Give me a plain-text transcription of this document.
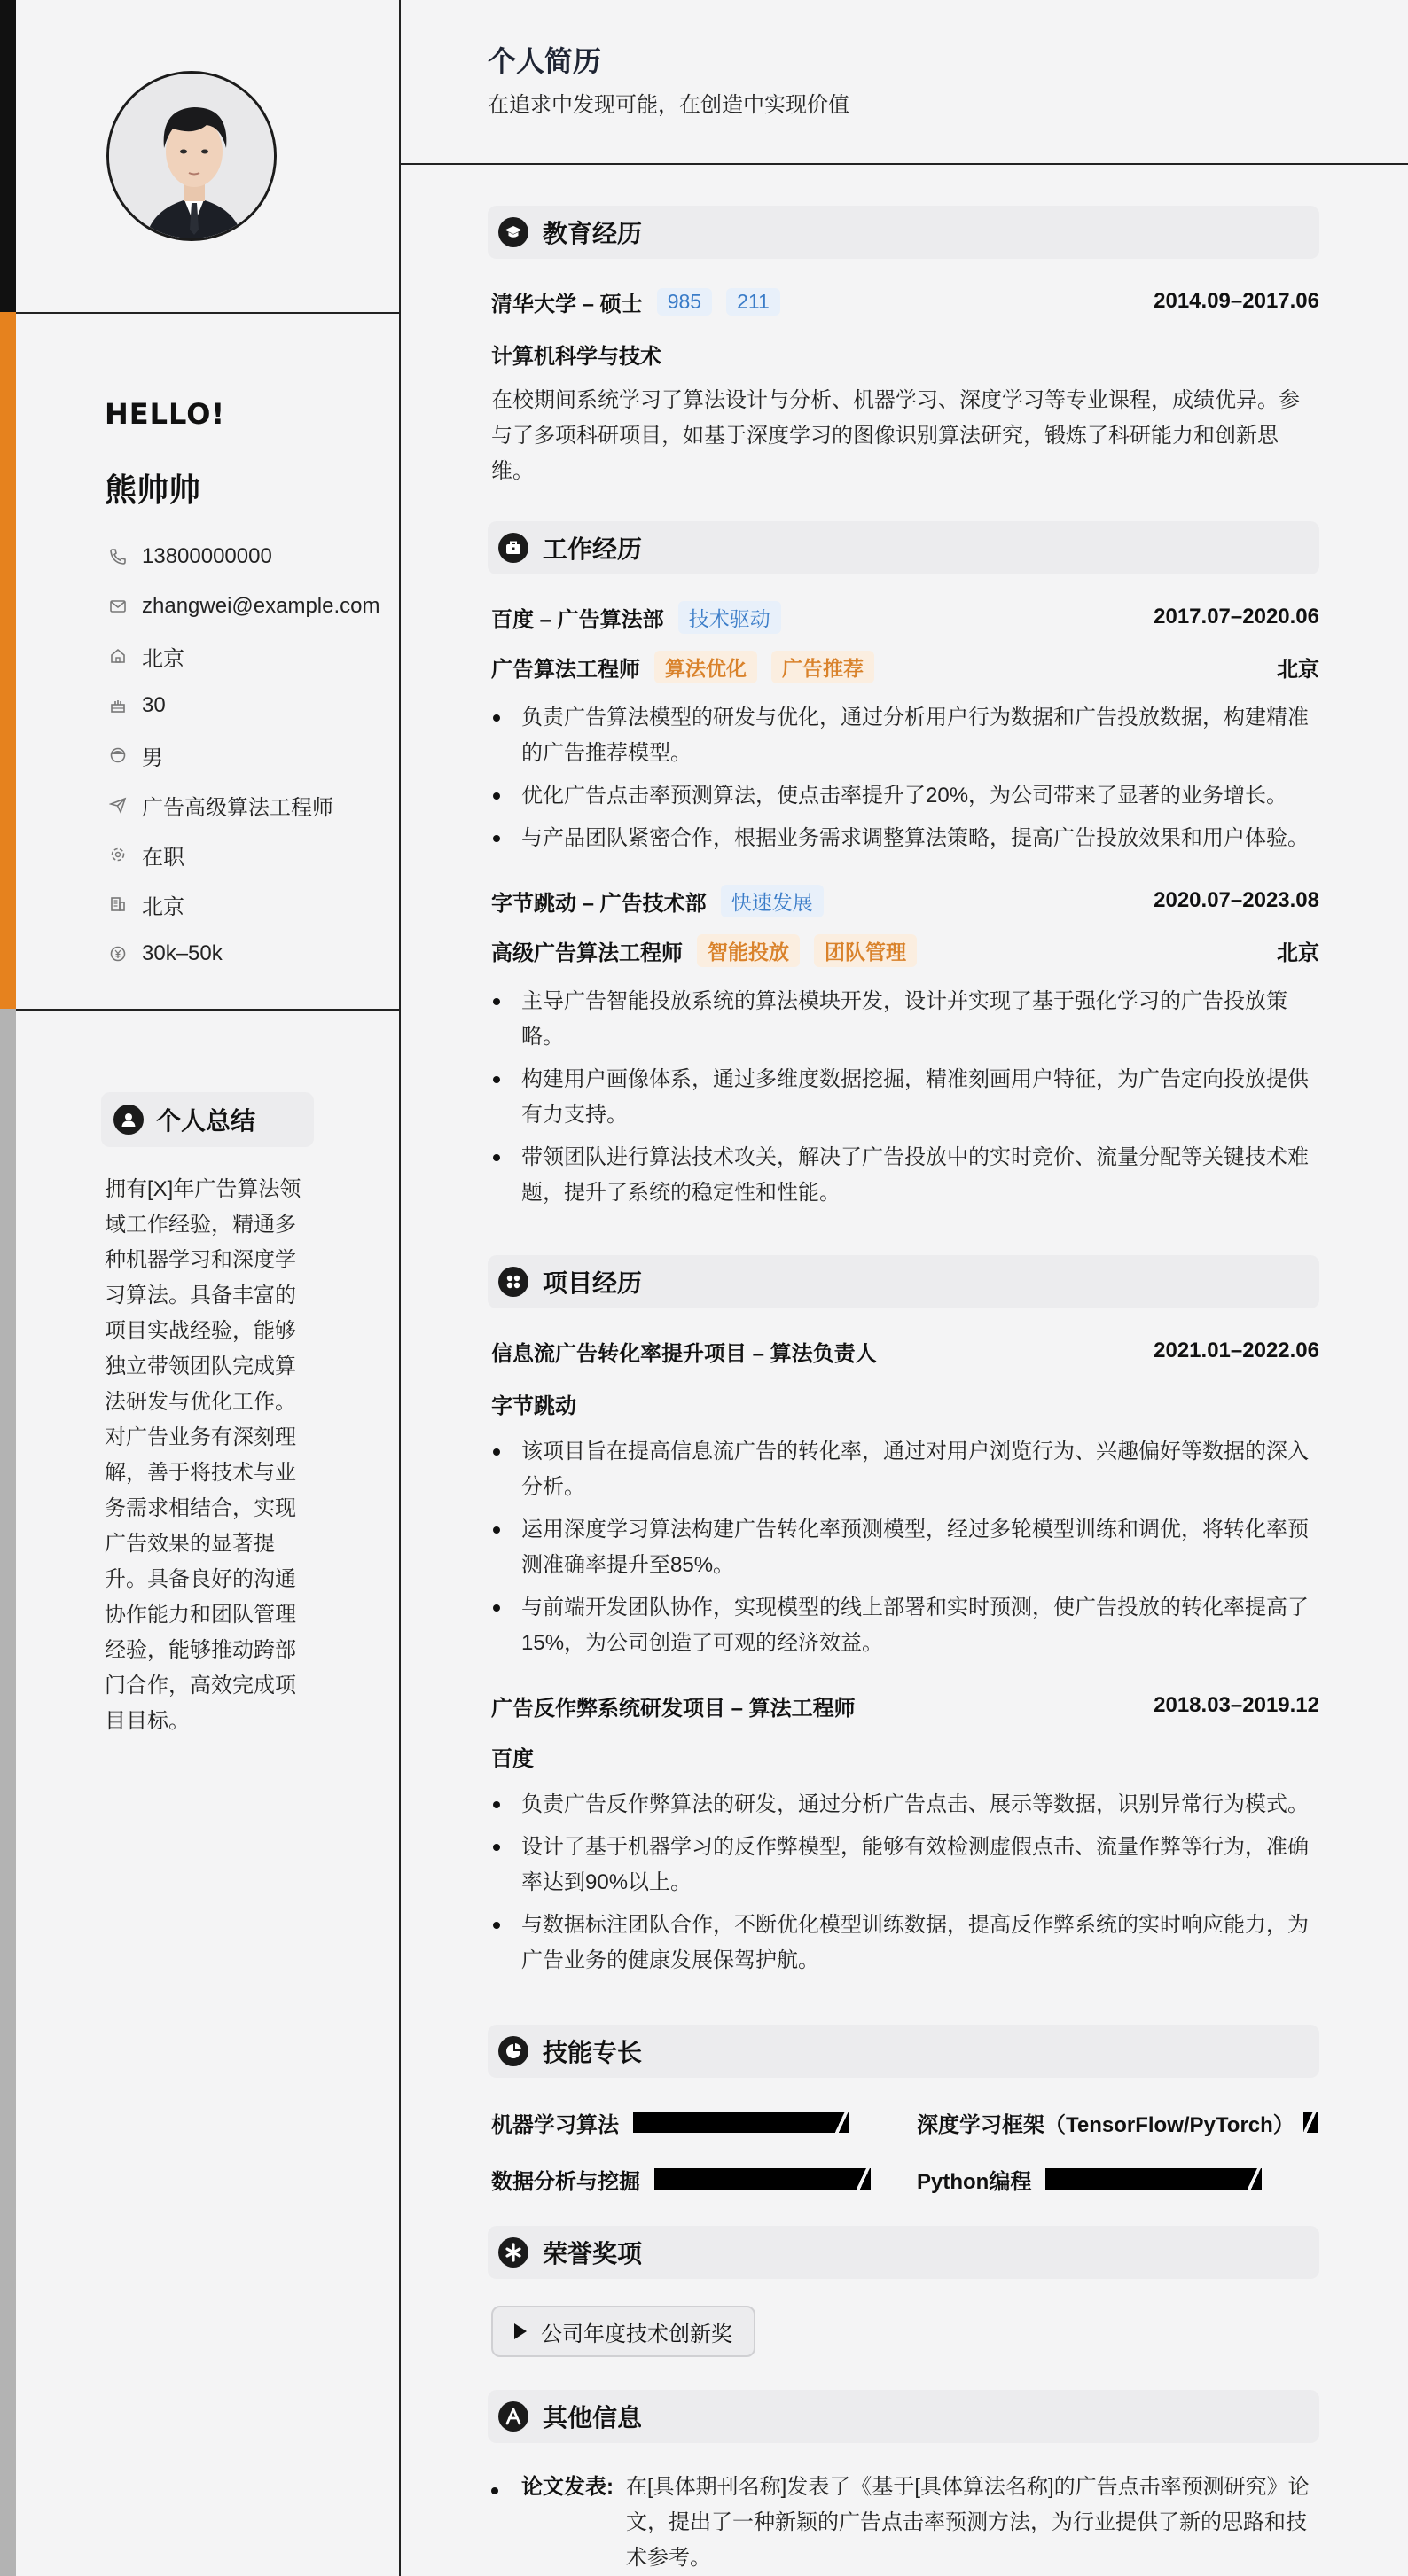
HELLO!
熊帅帅
13800000000
zhangwei@example.com
北京
30
男
广告高级算法工程师
在职
北京
30k–50k
个人总结
拥有[X]年广告算法领域工作经验，精通多种机器学习和深度学习算法。具备丰富的项目实战经验，能够独立带领团队完成算法研发与优化工作。对广告业务有深刻理解，善于将技术与业务需求相结合，实现广告效果的显著提升。具备良好的沟通协作能力和团队管理经验，能够推动跨部门合作，高效完成项目目标。
个人简历
在追求中发现可能，在创造中实现价值
教育经历
清华大学 – 硕士	985	211	2014.09–2017.06
计算机科学与技术
在校期间系统学习了算法设计与分析、机器学习、深度学习等专业课程，成绩优异。参与了多项科研项目，如基于深度学习的图像识别算法研究，锻炼了科研能力和创新思维。
工作经历
百度 – 广告算法部	技术驱动	2017.07–2020.06
广告算法工程师	算法优化	广告推荐	北京
负责广告算法模型的研发与优化，通过分析用户行为数据和广告投放数据，构建精准的广告推荐模型。
优化广告点击率预测算法，使点击率提升了20%，为公司带来了显著的业务增长。
与产品团队紧密合作，根据业务需求调整算法策略，提高广告投放效果和用户体验。
字节跳动 – 广告技术部	快速发展	2020.07–2023.08
高级广告算法工程师	智能投放	团队管理	北京
主导广告智能投放系统的算法模块开发，设计并实现了基于强化学习的广告投放策略。
构建用户画像体系，通过多维度数据挖掘，精准刻画用户特征，为广告定向投放提供有力支持。
带领团队进行算法技术攻关，解决了广告投放中的实时竞价、流量分配等关键技术难题，提升了系统的稳定性和性能。
项目经历
信息流广告转化率提升项目 – 算法负责人	2021.01–2022.06
字节跳动
该项目旨在提高信息流广告的转化率，通过对用户浏览行为、兴趣偏好等数据的深入分析。
运用深度学习算法构建广告转化率预测模型，经过多轮模型训练和调优，将转化率预测准确率提升至85%。
与前端开发团队协作，实现模型的线上部署和实时预测，使广告投放的转化率提高了15%，为公司创造了可观的经济效益。
广告反作弊系统研发项目 – 算法工程师	2018.03–2019.12
百度
负责广告反作弊算法的研发，通过分析广告点击、展示等数据，识别异常行为模式。
设计了基于机器学习的反作弊模型，能够有效检测虚假点击、流量作弊等行为，准确率达到90%以上。
与数据标注团队合作，不断优化模型训练数据，提高反作弊系统的实时响应能力，为广告业务的健康发展保驾护航。
技能专长
机器学习算法	深度学习框架（TensorFlow/PyTorch）
数据分析与挖掘	Python编程
荣誉奖项
公司年度技术创新奖
其他信息
论文发表: 在[具体期刊名称]发表了《基于[具体算法名称]的广告点击率预测研究》论文，提出了一种新颖的广告点击率预测方法，为行业提供了新的思路和技术参考。
